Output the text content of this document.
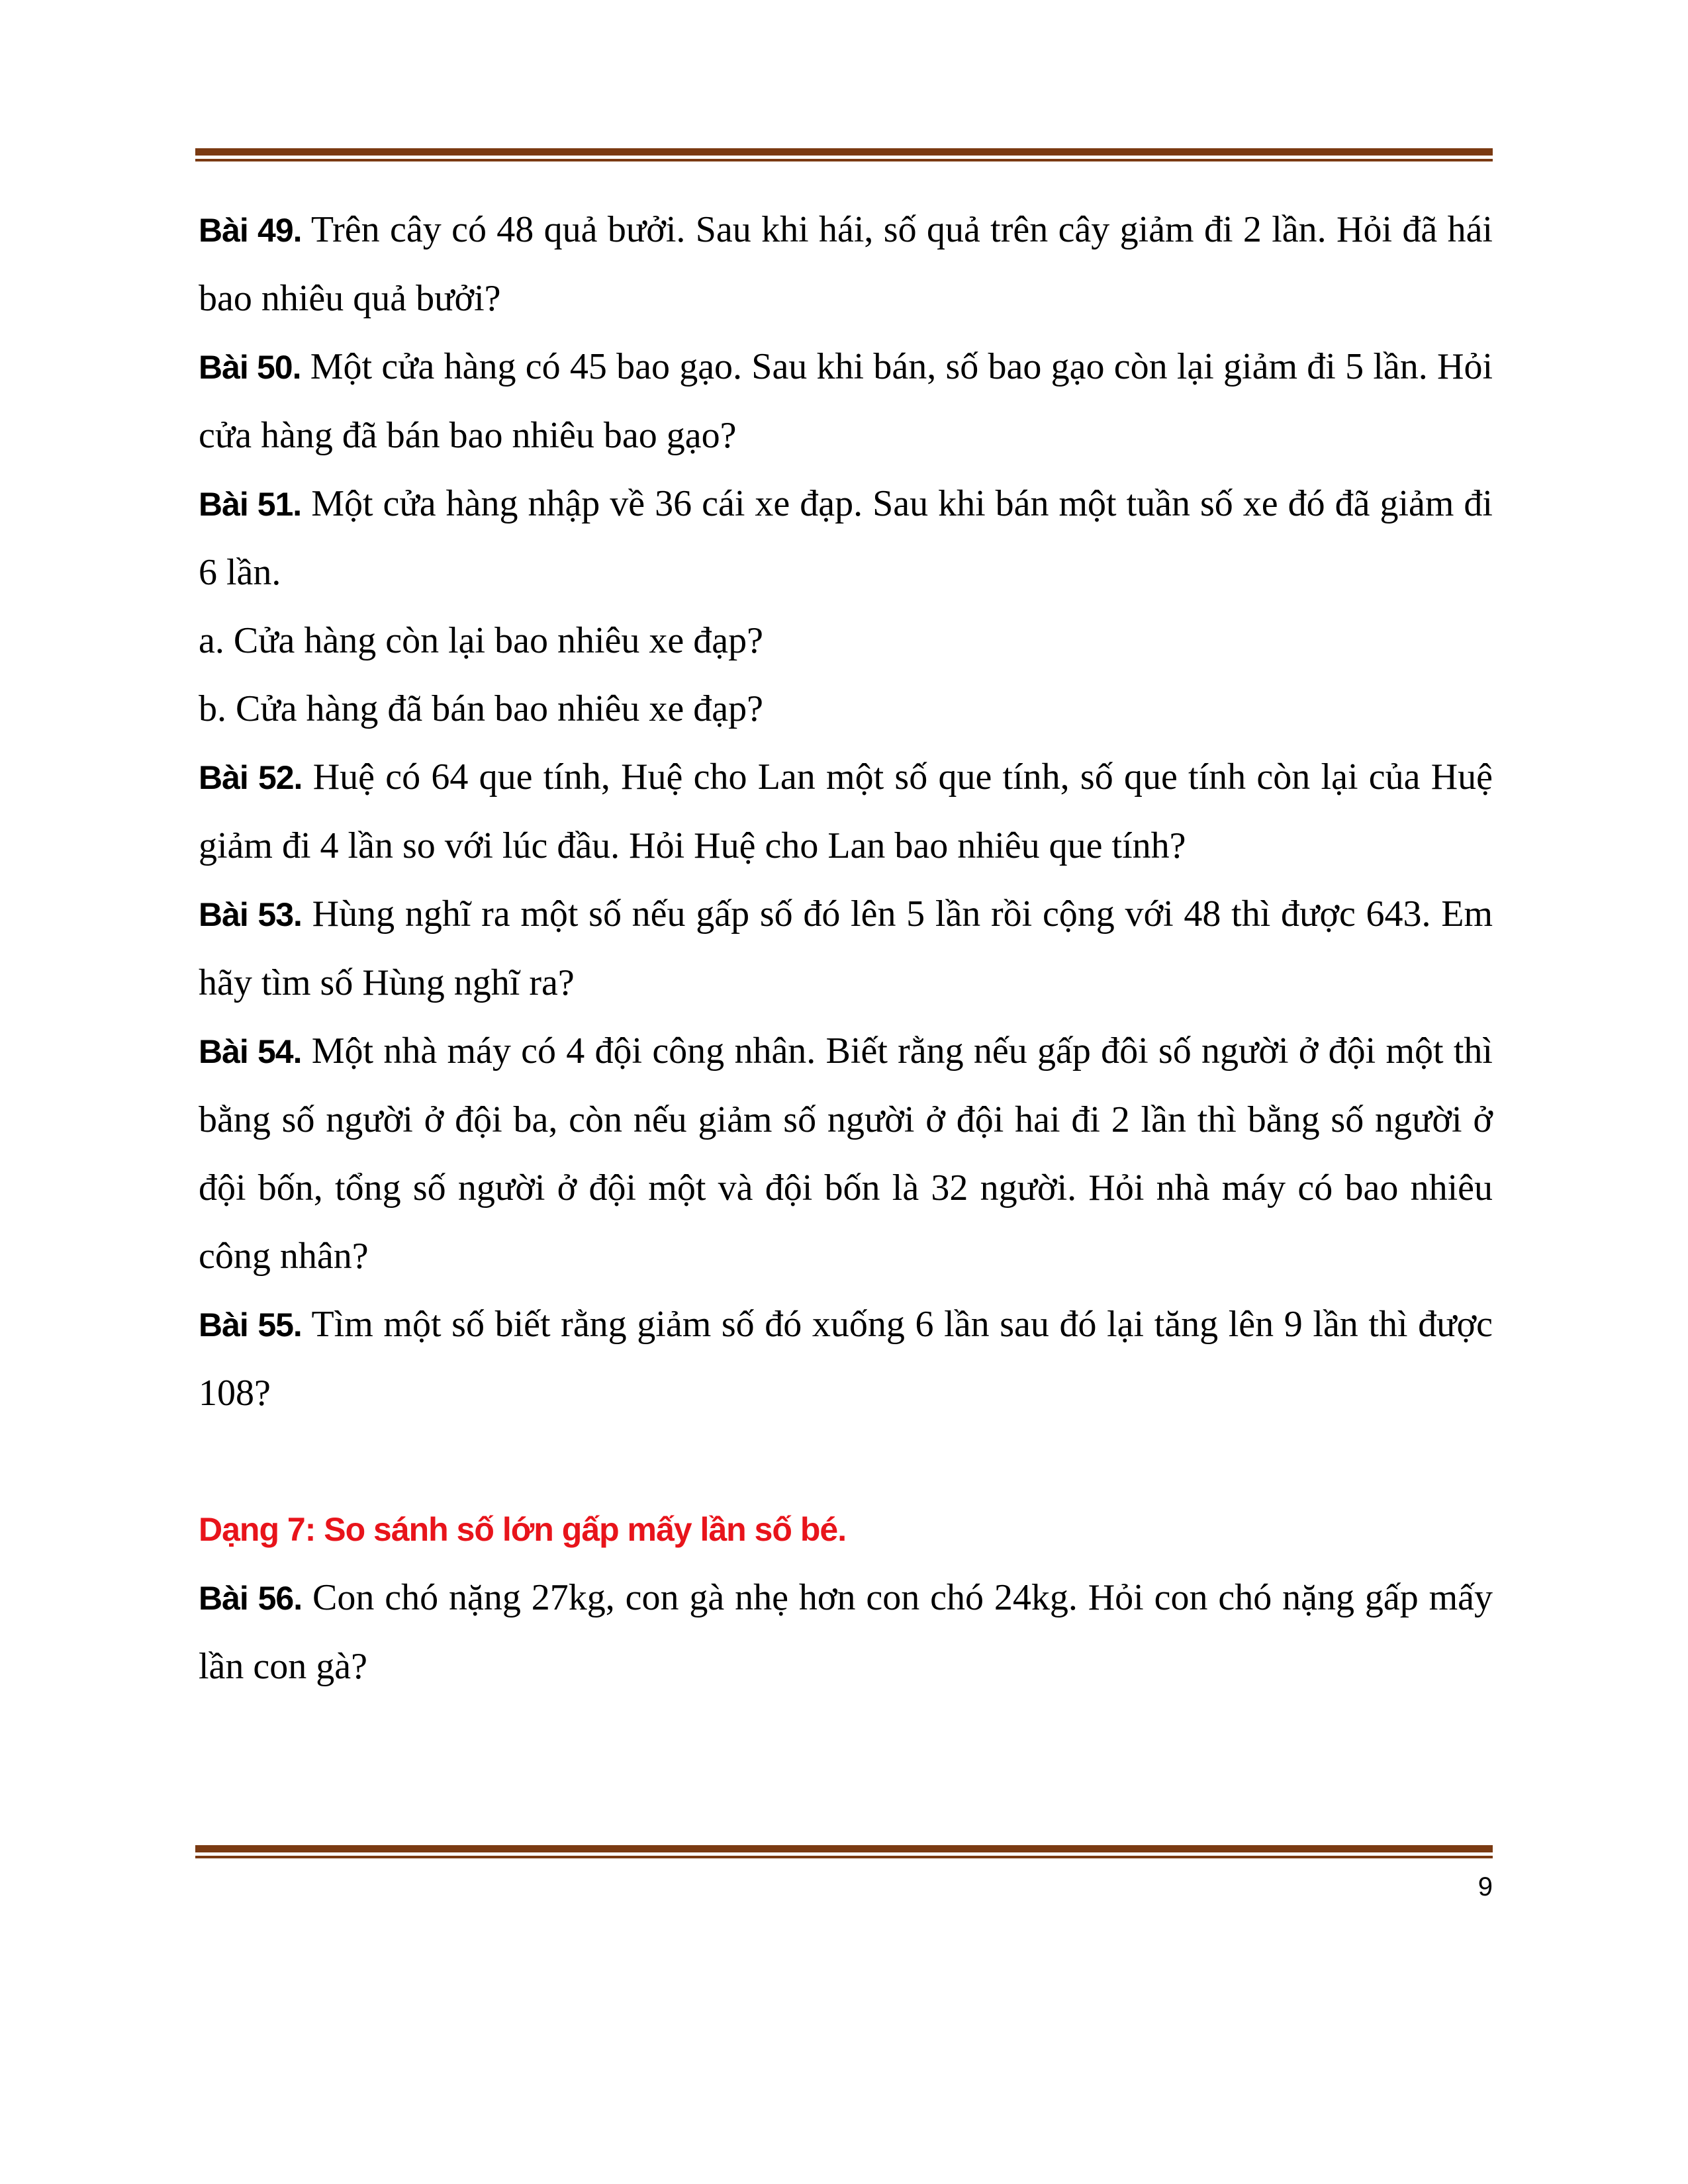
Bài 49. Trên cây có 48 quả bưởi. Sau khi hái, số quả trên cây giảm đi 2 lần. Hỏi đã hái bao nhiêu quả bưởi?

Bài 50. Một cửa hàng có 45 bao gạo. Sau khi bán, số bao gạo còn lại giảm đi 5 lần. Hỏi cửa hàng đã bán bao nhiêu bao gạo?

Bài 51. Một cửa hàng nhập về 36 cái xe đạp. Sau khi bán một tuần số xe đó đã giảm đi 6 lần.

a. Cửa hàng còn lại bao nhiêu xe đạp?

b. Cửa hàng đã bán bao nhiêu xe đạp?

Bài 52. Huệ có 64 que tính, Huệ cho Lan một số que tính, số que tính còn lại của Huệ giảm đi 4 lần so với lúc đầu. Hỏi Huệ cho Lan bao nhiêu que tính?

Bài 53. Hùng nghĩ ra một số nếu gấp số đó lên 5 lần rồi cộng với 48 thì được 643. Em hãy tìm số Hùng nghĩ ra?

Bài 54. Một nhà máy có 4 đội công nhân. Biết rằng nếu gấp đôi số người ở đội một thì bằng số người ở đội ba, còn nếu giảm số người ở đội hai đi 2 lần thì bằng số người ở đội bốn, tổng số người ở đội một và đội bốn là 32 người. Hỏi nhà máy có bao nhiêu công nhân?

Bài 55. Tìm một số biết rằng giảm số đó xuống 6 lần sau đó lại tăng lên 9 lần thì được 108?

Dạng 7: So sánh số lớn gấp mấy lần số bé.

Bài 56. Con chó nặng 27kg, con gà nhẹ hơn con chó 24kg. Hỏi con chó nặng gấp mấy lần con gà?

9
